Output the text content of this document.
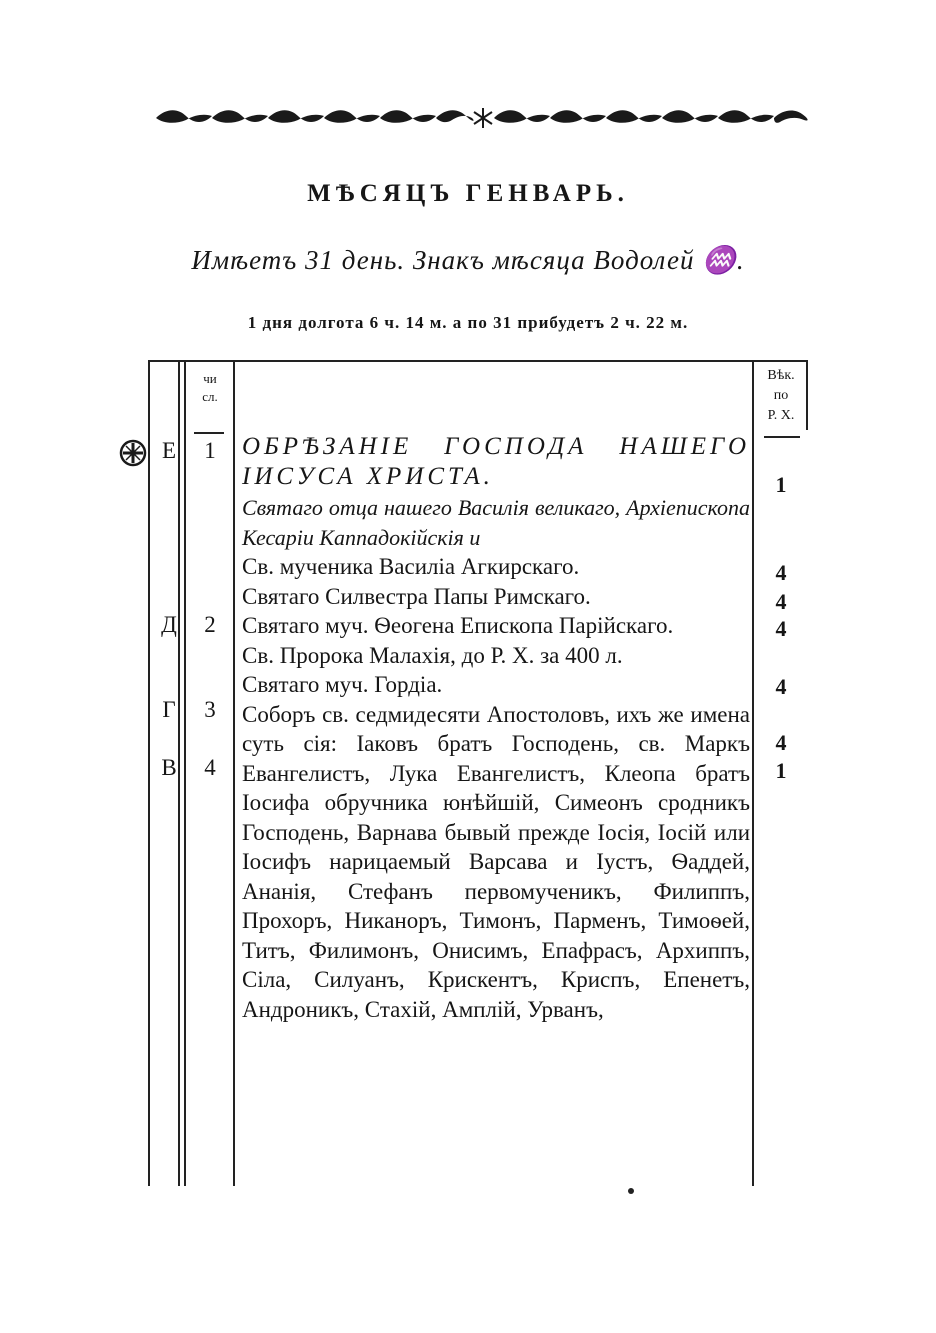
МѢСЯЦЪ ГЕНВАРЬ.
Имѣетъ 31 день. Знакъ мѣсяца Водолей ♒.
1 дня долгота 6 ч. 14 м. а по 31 прибудетъ 2 ч. 22 м.
чи
сл.
Вѣк.
по
Р. Х.
Е
Д
Г
В
1
2
3
4
1
4
4
4
4
4
1
ОБРѢЗАНІЕ ГОСПОДА НАШЕГО ІИСУСА ХРИСТА.
Святаго отца нашего Василія великаго, Архіепископа Кесаріи Каппадокійскія и
Св. мученика Василіа Агкирскаго.
Святаго Силвестра Папы Римскаго.
Святаго муч. Ѳеогена Епископа Парійскаго.
Св. Пророка Малахія, до Р. Х. за 400 л.
Святаго муч. Гордіа.
Соборъ св. седмидесяти Апостоловъ, ихъ же имена суть сія: Іаковъ братъ Господень, св. Маркъ Евангелистъ, Лука Евангелистъ, Клеопа братъ Іосифа обручника юнѣйшій, Симеонъ сродникъ Господень, Варнава бывый прежде Іосія, Іосій или Іосифъ нарицаемый Варсава и Іустъ, Ѳаддей, Ананія, Стефанъ первомученикъ, Филиппъ, Прохоръ, Никаноръ, Тимонъ, Парменъ, Тимоѳей, Титъ, Филимонъ, Онисимъ, Епафрасъ, Архиппъ, Сіла, Силуанъ, Крискентъ, Криспъ, Епенетъ, Андроникъ, Стахій, Амплій, Урванъ,
